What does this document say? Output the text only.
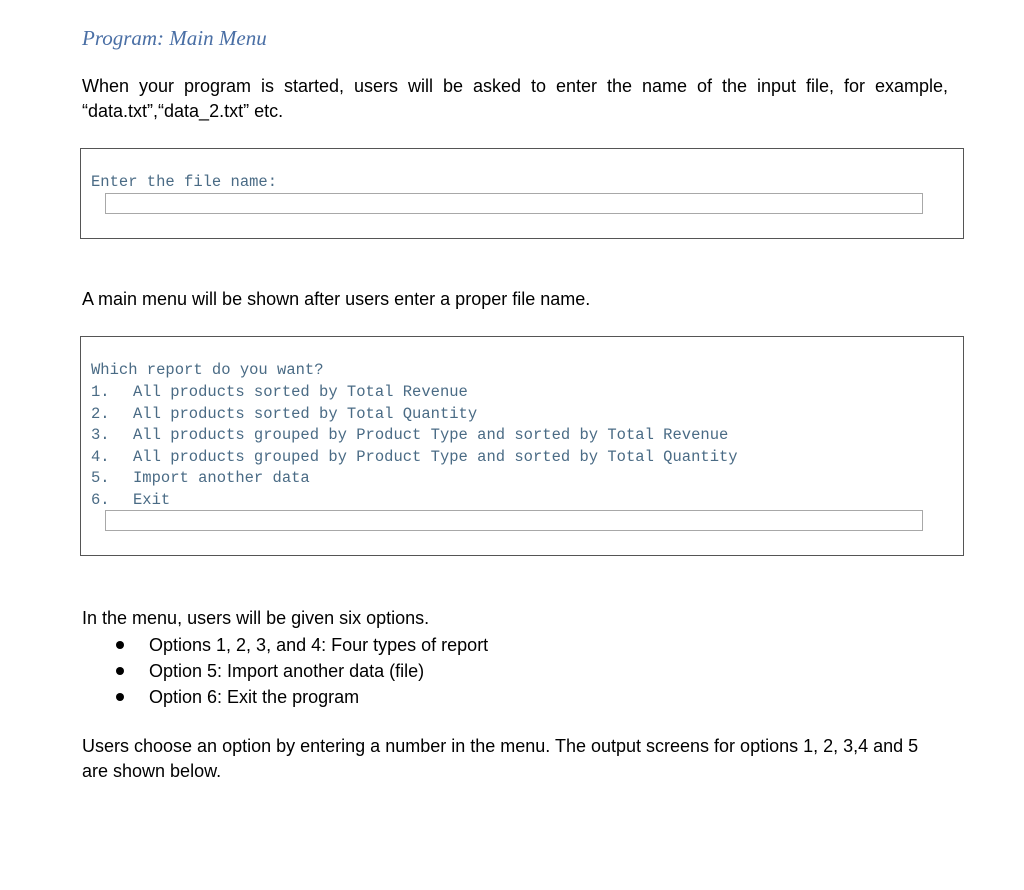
Program: Main Menu
When your program is started, users will be asked to enter the name of the input file, for example, “data.txt”,“data_2.txt” etc.
Enter the file name:
A main menu will be shown after users enter a proper file name.
Which report do you want?
1. All products sorted by Total Revenue
2. All products sorted by Total Quantity
3. All products grouped by Product Type and sorted by Total Revenue
4. All products grouped by Product Type and sorted by Total Quantity
5. Import another data
6. Exit
In the menu, users will be given six options.
Options 1, 2, 3, and 4: Four types of report
Option 5: Import another data (file)
Option 6: Exit the program
Users choose an option by entering a number in the menu. The output screens for options 1, 2, 3,4 and 5 are shown below.
